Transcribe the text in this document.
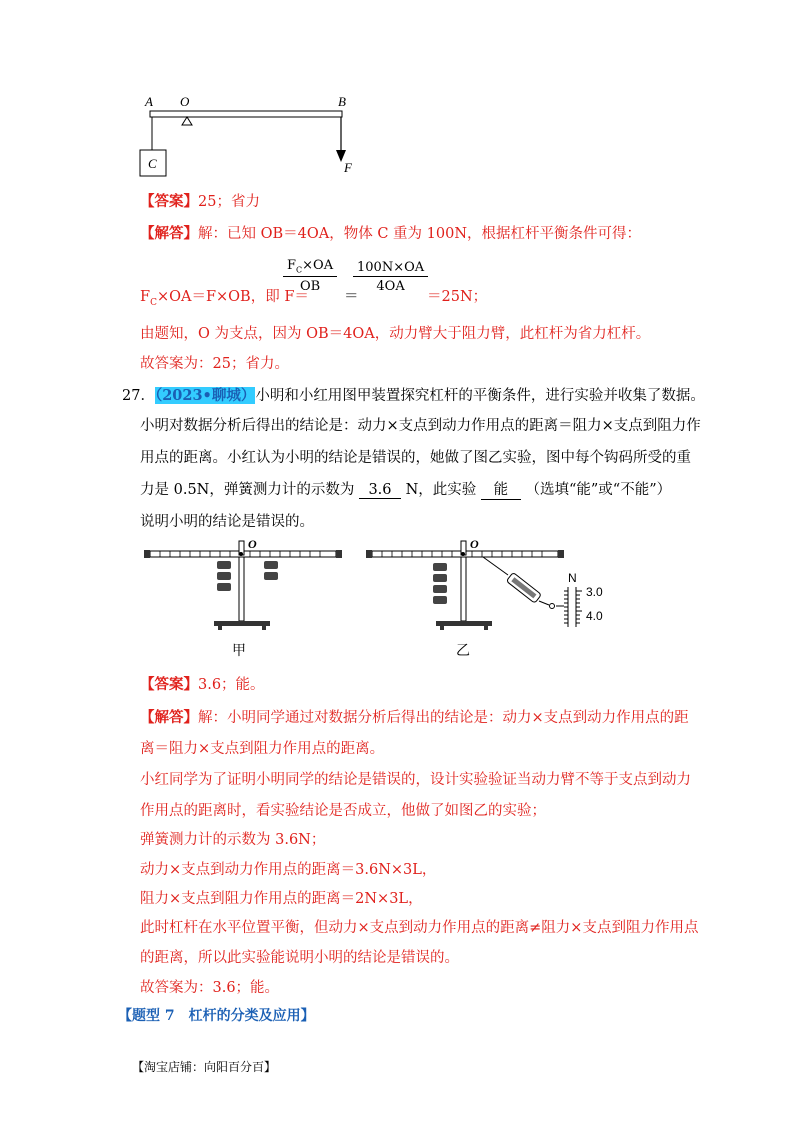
A O	B
C	F
【答案】25；省力
【解答】解：已知 OB＝4OA，物体 C 重为 100N，根据杠杆平衡条件可得：
$F_C\times OA=F\times OB$，即 F＝
$\frac{F_C\times OA}{OB}$
＝
$\frac{100N\times OA}{4OA}$
＝25N；
由题知，O 为支点，因为 OB＝4OA，动力臂大于阻力臂，此杠杆为省力杠杆。
故答案为：25；省力。
27．（2023•聊城）小明和小红用图甲装置探究杠杆的平衡条件，进行实验并收集了数据。
小明对数据分析后得出的结论是：动力×支点到动力作用点的距离＝阻力×支点到阻力作
用点的距离。小红认为小明的结论是错误的，她做了图乙实验，图中每个钩码所受的重
力是 0.5N，弹簧测力计的示数为 3.6 N，此实验 能 （选填“能”或“不能”）
说明小明的结论是错误的。
O
甲
O
N
3.0
4.0
乙
【答案】3.6；能。
【解答】解：小明同学通过对数据分析后得出的结论是：动力×支点到动力作用点的距
离＝阻力×支点到阻力作用点的距离。
小红同学为了证明小明同学的结论是错误的，设计实验验证当动力臂不等于支点到动力
作用点的距离时，看实验结论是否成立，他做了如图乙的实验；
弹簧测力计的示数为 3.6N；
动力×支点到动力作用点的距离＝3.6N×3L，
阻力×支点到阻力作用点的距离＝2N×3L，
此时杠杆在水平位置平衡，但动力×支点到动力作用点的距离≠阻力×支点到阻力作用点
的距离，所以此实验能说明小明的结论是错误的。
故答案为：3.6；能。
【题型 7　杠杆的分类及应用】
【淘宝店铺：向阳百分百】
